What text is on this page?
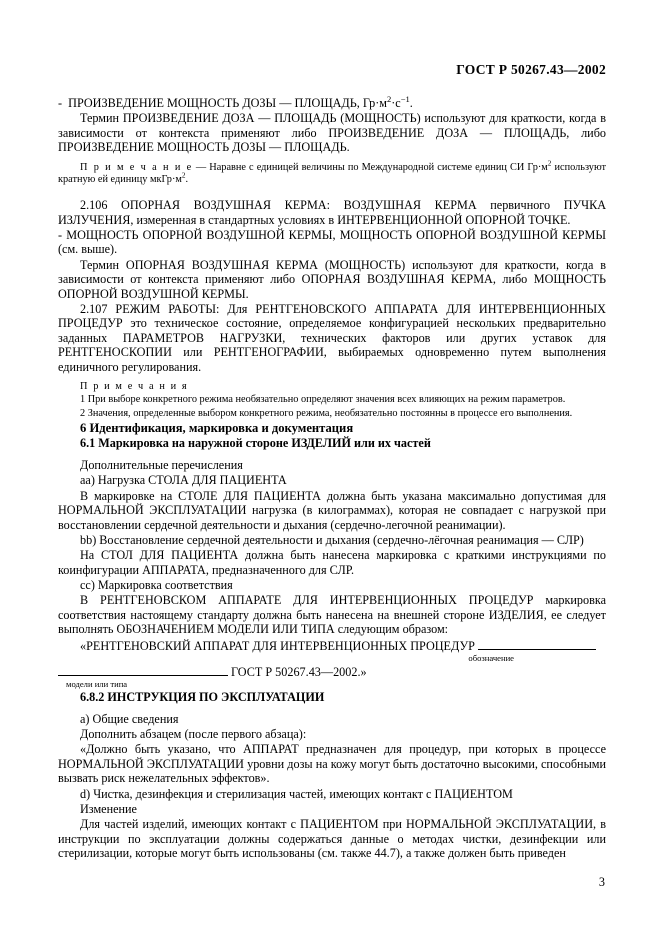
ГОСТ Р 50267.43—2002

-  ПРОИЗВЕДЕНИЕ МОЩНОСТЬ ДОЗЫ — ПЛОЩАДЬ, $Гр\cdot м^2\cdot с^{-1}$.

Термин ПРОИЗВЕДЕНИЕ ДОЗА — ПЛОЩАДЬ (МОЩНОСТЬ) используют для краткости, когда в зависимости от контекста применяют либо ПРОИЗВЕДЕНИЕ ДОЗА — ПЛОЩАДЬ, либо ПРОИЗВЕДЕНИЕ МОЩНОСТЬ ДОЗЫ — ПЛОЩАДЬ.

П р и м е ч а н и е — Наравне с единицей величины по Международной системе единиц СИ $Гр\cdot м^2$ используют кратную ей единицу $мкГр\cdot м^2$.

2.106 ОПОРНАЯ ВОЗДУШНАЯ КЕРМА: ВОЗДУШНАЯ КЕРМА первичного ПУЧКА ИЗЛУЧЕНИЯ, измеренная в стандартных условиях в ИНТЕРВЕНЦИОННОЙ ОПОРНОЙ ТОЧКЕ.

- МОЩНОСТЬ ОПОРНОЙ ВОЗДУШНОЙ КЕРМЫ, МОЩНОСТЬ ОПОРНОЙ ВОЗДУШНОЙ КЕРМЫ (см. выше).

Термин ОПОРНАЯ ВОЗДУШНАЯ КЕРМА (МОЩНОСТЬ) используют для краткости, когда в зависимости от контекста применяют либо ОПОРНАЯ ВОЗДУШНАЯ КЕРМА, либо МОЩНОСТЬ ОПОРНОЙ ВОЗДУШНОЙ КЕРМЫ.

2.107 РЕЖИМ РАБОТЫ: Для РЕНТГЕНОВСКОГО АППАРАТА ДЛЯ ИНТЕРВЕНЦИОННЫХ ПРОЦЕДУР это техническое состояние, определяемое конфигурацией нескольких предварительно заданных ПАРАМЕТРОВ НАГРУЗКИ, технических факторов или других уставок для РЕНТГЕНОСКОПИИ или РЕНТГЕНОГРАФИИ, выбираемых одновременно путем выполнения единичного регулирования.

П р и м е ч а н и я

1 При выборе конкретного режима необязательно определяют значения всех влияющих на режим параметров.

2 Значения, определенные выбором конкретного режима, необязательно постоянны в процессе его выполнения.

6 Идентификация, маркировка и документация
6.1 Маркировка на наружной стороне ИЗДЕЛИЙ или их частей

Дополнительные перечисления

аа) Нагрузка СТОЛА ДЛЯ ПАЦИЕНТА

В маркировке на СТОЛЕ ДЛЯ ПАЦИЕНТА должна быть указана максимально допустимая для НОРМАЛЬНОЙ ЭКСПЛУАТАЦИИ нагрузка (в килограммах), которая не совпадает с нагрузкой при восстановлении сердечной деятельности и дыхания (сердечно-легочной реанимации).

bb) Восстановление сердечной деятельности и дыхания (сердечно-лёгочная реанимация — СЛР)

На СТОЛ ДЛЯ ПАЦИЕНТА должна быть нанесена маркировка с краткими инструкциями по коинфигурации АППАРАТА, предназначенного для СЛР.

сс) Маркировка соответствия

В РЕНТГЕНОВСКОМ АППАРАТЕ ДЛЯ ИНТЕРВЕНЦИОННЫХ ПРОЦЕДУР маркировка соответствия настоящему стандарту должна быть нанесена на внешней стороне ИЗДЕЛИЯ, ее следует выполнять ОБОЗНАЧЕНИЕМ МОДЕЛИ ИЛИ ТИПА следующим образом:

«РЕНТГЕНОВСКИЙ АППАРАТ ДЛЯ ИНТЕРВЕНЦИОННЫХ ПРОЦЕДУР

обозначение

ГОСТ Р 50267.43—2002.»

модели или типа

6.8.2 ИНСТРУКЦИЯ ПО ЭКСПЛУАТАЦИИ

а) Общие сведения

Дополнить абзацем (после первого абзаца):

«Должно быть указано, что АППАРАТ предназначен для процедур, при которых в процессе НОРМАЛЬНОЙ ЭКСПЛУАТАЦИИ уровни дозы на кожу могут быть достаточно высокими, способными вызвать риск нежелательных эффектов».

d) Чистка, дезинфекция и стерилизация частей, имеющих контакт с ПАЦИЕНТОМ

Изменение

Для частей изделий, имеющих контакт с ПАЦИЕНТОМ при НОРМАЛЬНОЙ ЭКСПЛУАТАЦИИ, в инструкции по эксплуатации должны содержаться данные о методах чистки, дезинфекции или стерилизации, которые могут быть использованы (см. также 44.7), а также должен быть приведен

3
